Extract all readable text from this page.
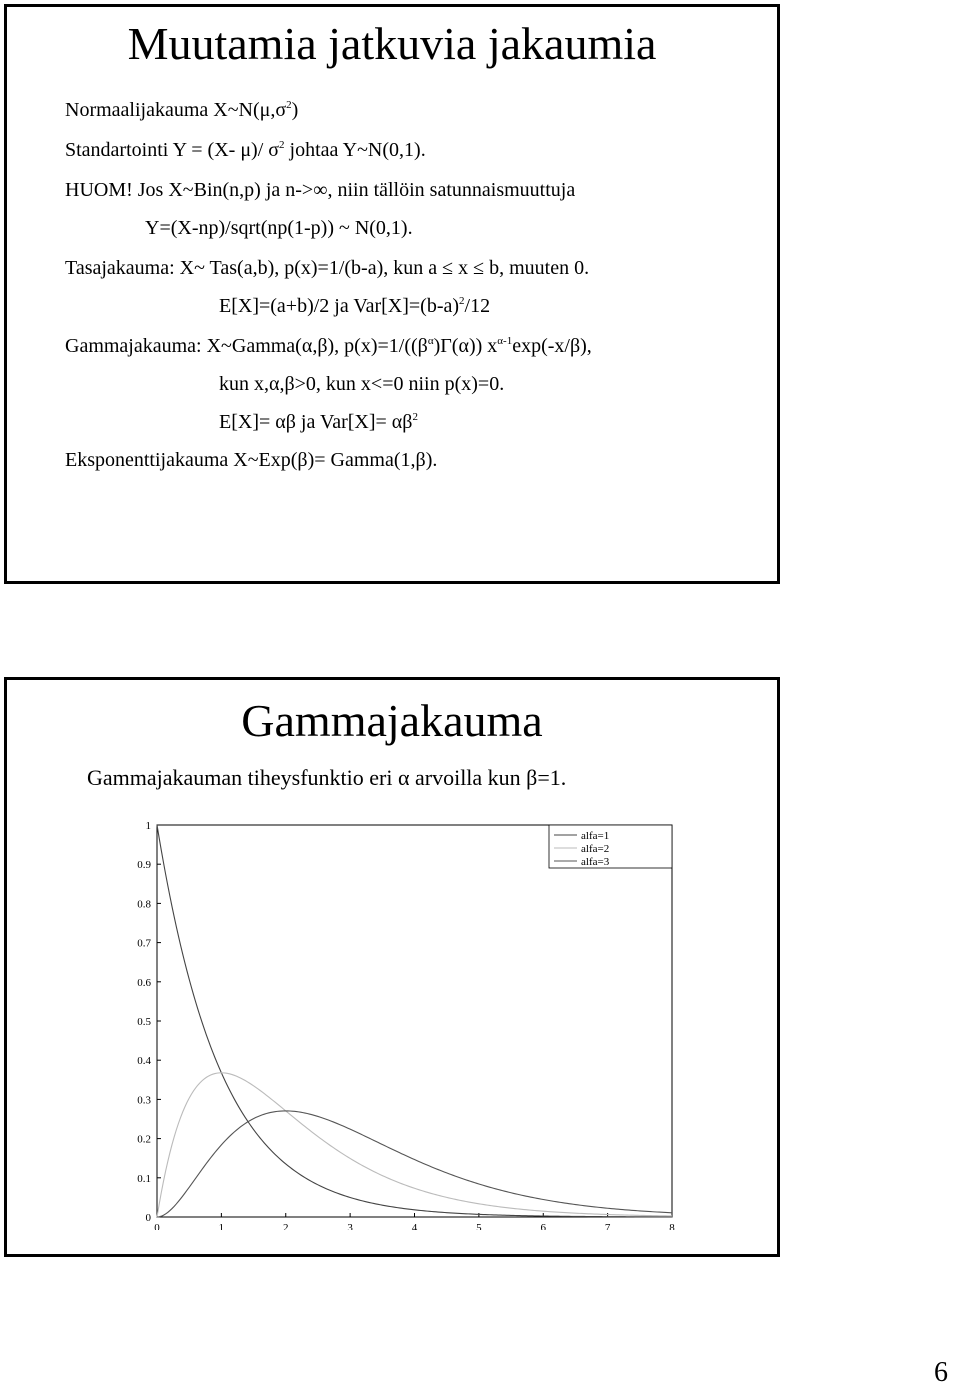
Muutamia jatkuvia jakaumia
Normaalijakauma $X\sim N(\mu,\sigma^2)$
Standartointi Y = (X- μ)/ $\sigma^2$ johtaa Y~N(0,1).
HUOM! Jos X~Bin(n,p) ja n->∞, niin tällöin satunnaismuuttuja
Y=(X-np)/sqrt(np(1-p)) ~ N(0,1).
Tasajakauma: X~ Tas(a,b), p(x)=1/(b-a), kun a ≤ x ≤ b, muuten 0.
E[X]=(a+b)/2 ja $Var[X]=(b-a)^2/12$
Gammajakauma: X~Gamma(α,β), $p(x)=1/((\beta^\alpha)\Gamma(\alpha))$ $x^{\alpha-1}\exp(-x/\beta)$,
kun x,α,β>0, kun x<=0 niin p(x)=0.
E[X]= αβ ja $Var[X]= \alpha\beta^2$
Eksponenttijakauma X~Exp(β)= Gamma(1,β).
Gammajakauma
Gammajakauman tiheysfunktio eri α arvoilla kun β=1.
0	1	2	3	4	5	6	7	8
0
0.1
0.2
0.3
0.4
0.5
0.6
0.7
0.8
0.9
1
alfa=1
alfa=2
alfa=3
6
